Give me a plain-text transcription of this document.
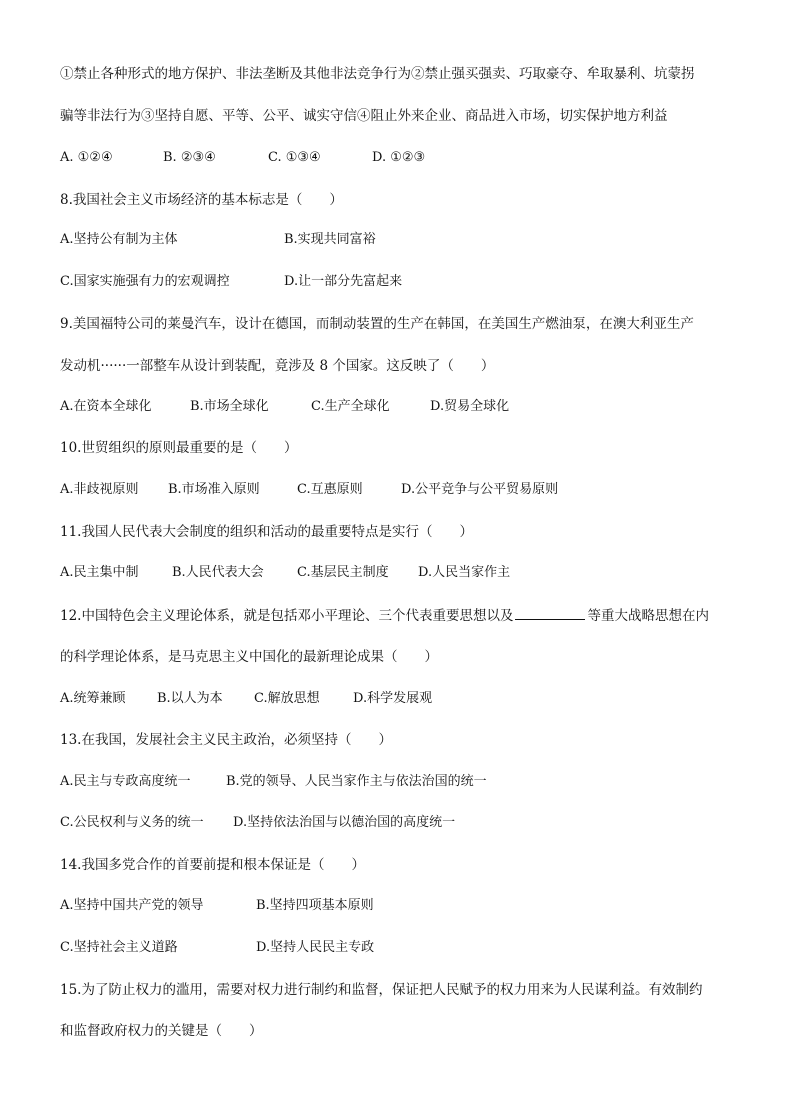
①禁止各种形式的地方保护、非法垄断及其他非法竞争行为②禁止强买强卖、巧取豪夺、牟取暴利、坑蒙拐
骗等非法行为③坚持自愿、平等、公平、诚实守信④阻止外来企业、商品进入市场，切实保护地方利益
A. ①②④	B. ②③④	C. ①③④	D. ①②③
8.我国社会主义市场经济的基本标志是（　　）
A.坚持公有制为主体	B.实现共同富裕
C.国家实施强有力的宏观调控	D.让一部分先富起来
9.美国福特公司的莱曼汽车，设计在德国，而制动装置的生产在韩国，在美国生产燃油泵，在澳大利亚生产
发动机······一部整车从设计到装配，竟涉及 8 个国家。这反映了（　　）
A.在资本全球化	B.市场全球化	C.生产全球化	D.贸易全球化
10.世贸组织的原则最重要的是（　　）
A.非歧视原则 B.市场准入原则	C.互惠原则	D.公平竞争与公平贸易原则
11.我国人民代表大会制度的组织和活动的最重要特点是实行（　　）
A.民主集中制	B.人民代表大会	C.基层民主制度 D.人民当家作主
12.中国特色会主义理论体系，就是包括邓小平理论、三个代表重要思想以及	等重大战略思想在内
的科学理论体系，是马克思主义中国化的最新理论成果（　　）
A.统筹兼顾 B.以人为本 C.解放思想	D.科学发展观
13.在我国，发展社会主义民主政治，必须坚持（　　）
A.民主与专政高度统一	B.党的领导、人民当家作主与依法治国的统一
C.公民权利与义务的统一 D.坚持依法治国与以德治国的高度统一
14.我国多党合作的首要前提和根本保证是（　　）
A.坚持中国共产党的领导	B.坚持四项基本原则
C.坚持社会主义道路	D.坚持人民民主专政
15.为了防止权力的滥用，需要对权力进行制约和监督，保证把人民赋予的权力用来为人民谋利益。有效制约
和监督政府权力的关键是（　　）
